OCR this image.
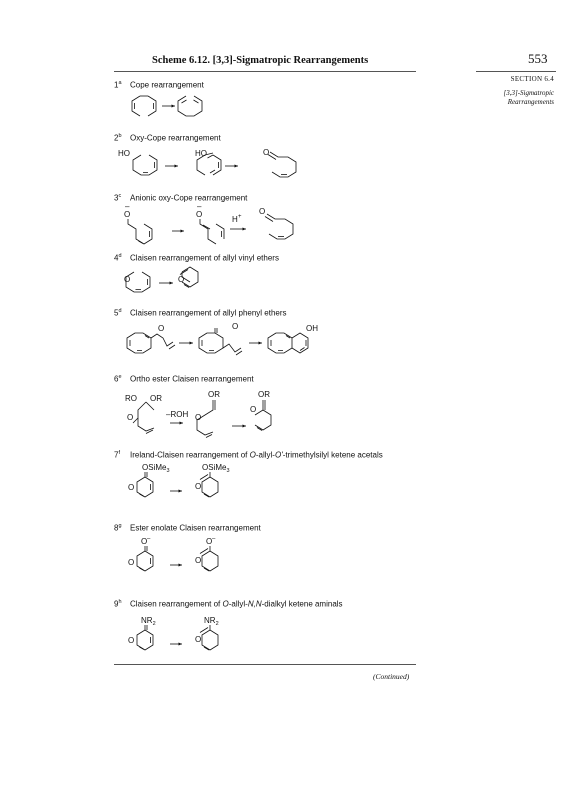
Scheme 6.12. [3,3]-Sigmatropic Rearrangements	553
SECTION 6.4
[3,3]-Sigmatropic Rearrangements
1$^a$ Cope rearrangement
2$^b$ Oxy-Cope rearrangement
3$^c$ Anionic oxy-Cope rearrangement
4$^d$ Claisen rearrangement of allyl vinyl ethers
5$^d$ Claisen rearrangement of allyl phenyl ethers
6e Ortho ester Claisen rearrangement
7$^f$ Ireland-Claisen rearrangement of O-allyl-O'-trimethylsilyl ketene acetals
8$^g$ Ester enolate Claisen rearrangement
9$^h$ Claisen rearrangement of O-allyl-N,N-dialkyl ketene aminals
HO	HO	O
O
–
O
–
H +
O
O	O
O	O	OH
RO OR
O	–ROH
OR
O
OR
O
OSiMe$_3$
O
OSiMe$_3$
O
O –
O
O –
O
$NR_2$
O
$NR_2$
O
(Continued)
